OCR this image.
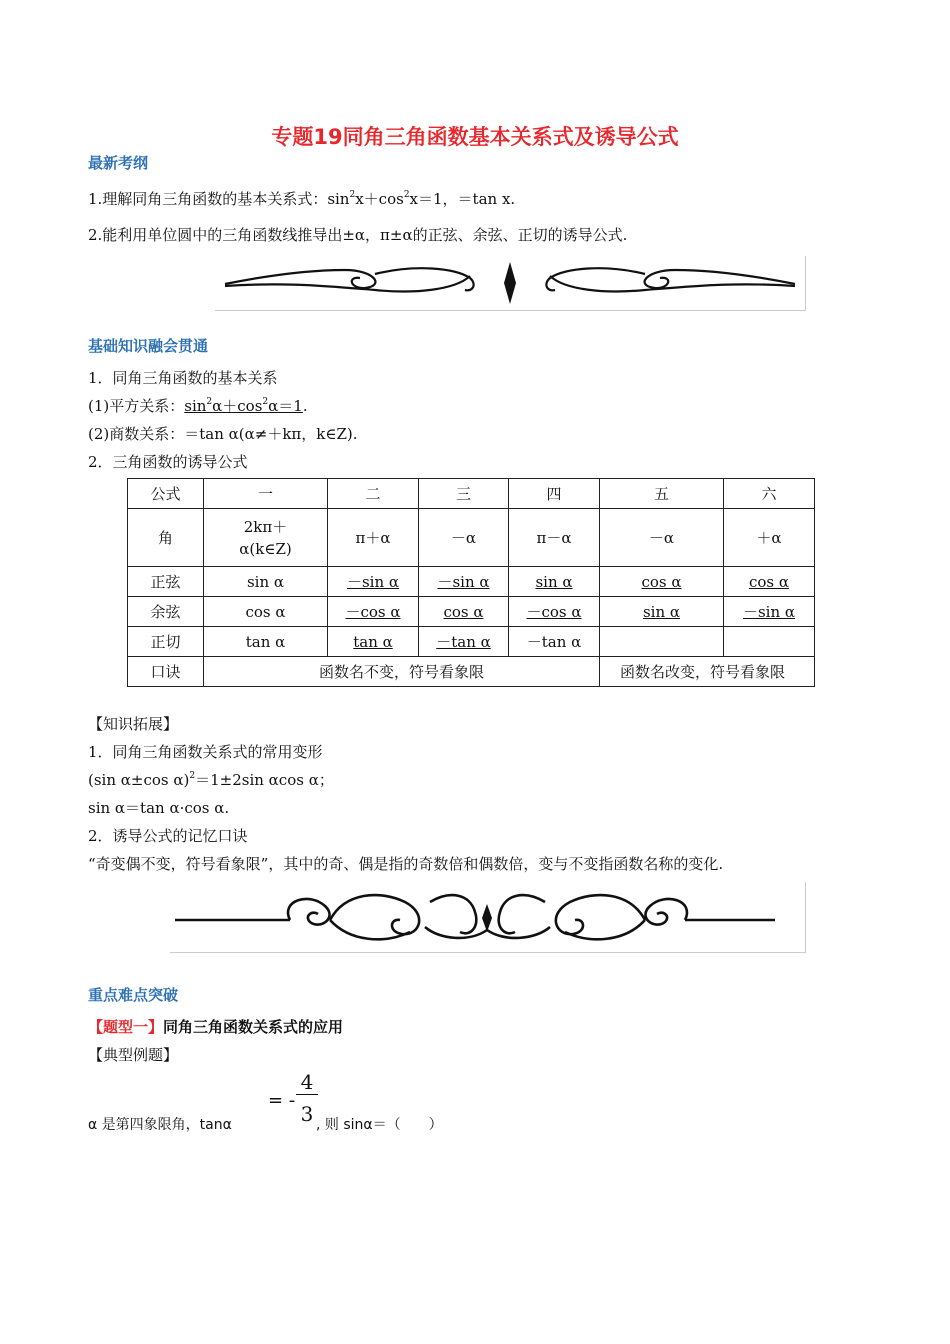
专题19同角三角函数基本关系式及诱导公式
最新考纲
1.理解同角三角函数的基本关系式：$\sin^2x+\cos^2x=1$，＝tan x.
2.能利用单位圆中的三角函数线推导出±α，π±α的正弦、余弦、正切的诱导公式.
基础知识融会贯通
1．同角三角函数的基本关系
(1)平方关系：$\sin^2\alpha+\cos^2\alpha=1$.
(2)商数关系：＝tan α(α≠＋kπ，k∈Z).
2．三角函数的诱导公式
公式	一	二	三	四	五	六
角	2kπ＋
α(k∈Z)	π＋α	－α	π－α	－α	＋α
正弦	sin α	－sin α	－sin α	sin α	cos α	cos α
余弦	cos α	－cos α	cos α	－cos α	sin α	－sin α
正切	tan α	tan α	－tan α	－tan α		
口诀	函数名不变，符号看象限				函数名改变，符号看象限	
【知识拓展】
1．同角三角函数关系式的常用变形
(sin α±cos α)$^2$＝1±2sin αcos α；
sin α＝tan α·cos α.
2．诱导公式的记忆口诀
“奇变偶不变，符号看象限”，其中的奇、偶是指的奇数倍和偶数倍，变与不变指函数名称的变化.
重点难点突破
【题型一】同角三角函数关系式的应用
【典型例题】
α 是第四象限角，tanα
= -
4
3 , 则 sinα＝（　　）
